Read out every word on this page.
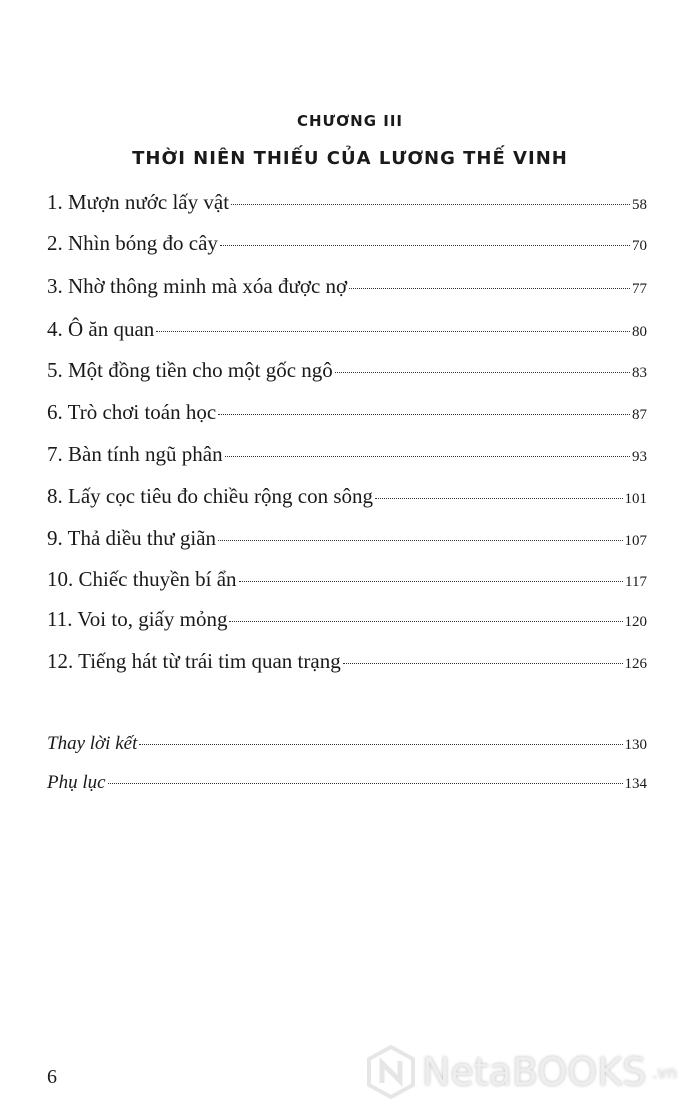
CHƯƠNG III
THỜI NIÊN THIẾU CỦA LƯƠNG THẾ VINH
1. Mượn nước lấy vật	58
2. Nhìn bóng đo cây	70
3. Nhờ thông minh mà xóa được nợ	77
4. Ô ăn quan	80
5. Một đồng tiền cho một gốc ngô	83
6. Trò chơi toán học	87
7. Bàn tính ngũ phân	93
8. Lấy cọc tiêu đo chiều rộng con sông	101
9. Thả diều thư giãn	107
10. Chiếc thuyền bí ẩn	117
11. Voi to, giấy mỏng	120
12. Tiếng hát từ trái tim quan trạng	126
Thay lời kết	130
Phụ lục	134
6	NetaBOOKS .vn
